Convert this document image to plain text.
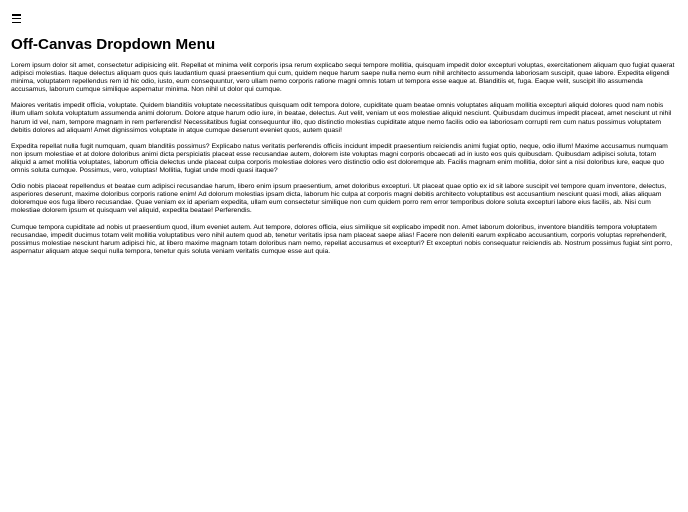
Off-Canvas Dropdown Menu

Lorem ipsum dolor sit amet, consectetur adipisicing elit. Repellat et minima velit corporis ipsa rerum explicabo sequi tempore mollitia, quisquam impedit dolor excepturi voluptas, exercitationem aliquam quo fugiat quaerat adipisci molestias. Itaque delectus aliquam quos quis laudantium quasi praesentium qui cum, quidem neque harum saepe nulla nemo eum nihil architecto assumenda laboriosam suscipit, quae labore. Expedita eligendi minima, voluptatem repellendus rem id hic odio, iusto, eum consequuntur, vero ullam nemo corporis ratione magni omnis totam ut tempora esse eaque at. Blanditiis et, fuga. Eaque velit, suscipit illo assumenda accusamus, laborum cumque similique aspernatur minima. Non nihil ut dolor qui cumque.

Maiores veritatis impedit officia, voluptate. Quidem blanditiis voluptate necessitatibus quisquam odit tempora dolore, cupiditate quam beatae omnis voluptates aliquam mollitia excepturi aliquid dolores quod nam nobis illum ullam soluta voluptatum assumenda animi dolorum. Dolore atque harum odio iure, in beatae, delectus. Aut velit, veniam ut eos molestiae aliquid nesciunt. Quibusdam ducimus impedit placeat, amet nesciunt ut nihil harum id vel, nam, tempore magnam in rem perferendis! Necessitatibus fugiat consequuntur illo, quo distinctio molestias cupiditate atque nemo facilis odio ea laboriosam corrupti rem cum natus possimus voluptatem debitis dolores ad aliquam! Amet dignissimos voluptate in atque cumque deserunt eveniet quos, autem quasi!

Expedita repellat nulla fugit numquam, quam blanditiis possimus? Explicabo natus veritatis perferendis officiis incidunt impedit praesentium reiciendis animi fugiat optio, neque, odio illum! Maxime accusamus numquam non ipsum molestiae et at dolore doloribus animi dicta perspiciatis placeat esse recusandae autem, dolorem iste voluptas magni corporis obcaecati ad in iusto eos quis quibusdam. Quibusdam adipisci soluta, totam aliquid a amet mollitia voluptates, laborum officia delectus unde placeat culpa corporis molestiae dolores vero distinctio odio est doloremque ab. Facilis magnam enim mollitia, dolor sint a nisi doloribus iure, eaque quo omnis soluta cumque. Possimus, vero, voluptas! Mollitia, fugiat unde modi quasi itaque?

Odio nobis placeat repellendus et beatae cum adipisci recusandae harum, libero enim ipsum praesentium, amet doloribus excepturi. Ut placeat quae optio ex id sit labore suscipit vel tempore quam inventore, delectus, asperiores deserunt, maxime doloribus corporis ratione enim! Ad dolorum molestias ipsam dicta, laborum hic culpa at corporis magni debitis architecto voluptatibus est accusantium nesciunt quasi modi, alias aliquam doloremque eos fuga libero recusandae. Quae veniam ex id aperiam expedita, ullam eum consectetur similique non cum quidem porro rem error temporibus dolore soluta excepturi labore eius facilis, ab. Nisi cum molestiae dolorem ipsum et quisquam vel aliquid, expedita beatae! Perferendis.

Cumque tempora cupiditate ad nobis ut praesentium quod, illum eveniet autem. Aut tempore, dolores officia, eius similique sit explicabo impedit non. Amet laborum doloribus, inventore blanditiis tempora voluptatem recusandae, impedit ducimus totam velit mollitia voluptatibus vero nihil autem quod ab, tenetur veritatis ipsa nam placeat saepe alias! Facere non deleniti earum explicabo accusantium, corporis voluptas reprehenderit, possimus molestiae nesciunt harum adipisci hic, at libero maxime magnam totam doloribus nam nemo, repellat accusamus et excepturi? Et excepturi nobis consequatur reiciendis ab. Nostrum possimus fugiat sint porro, aspernatur aliquam atque sequi nulla tempora, tenetur quis soluta veniam veritatis cumque esse aut quia.
